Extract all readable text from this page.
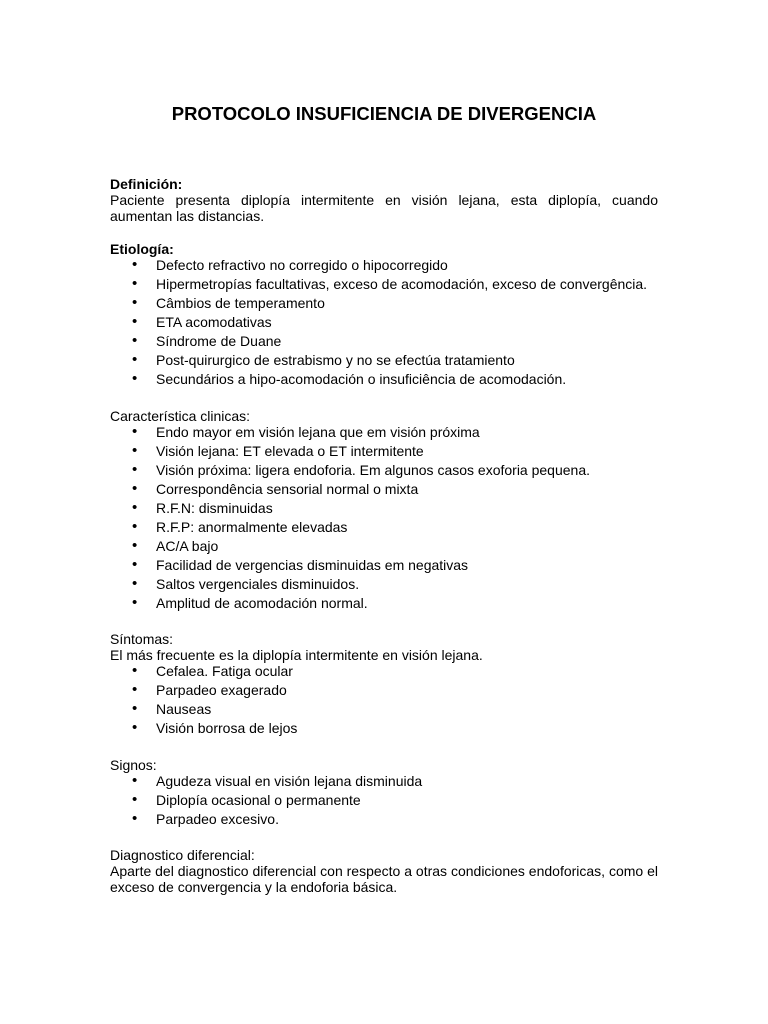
PROTOCOLO INSUFICIENCIA DE DIVERGENCIA

Definición:

Paciente presenta diplopía intermitente en visión lejana, esta diplopía, cuando aumentan las distancias.

Etiología:

• Defecto refractivo no corregido o hipocorregido
• Hipermetropías facultativas, exceso de acomodación, exceso de convergência.
• Câmbios de temperamento
• ETA acomodativas
• Síndrome de Duane
• Post-quirurgico de estrabismo y no se efectúa tratamiento
• Secundários a hipo-acomodación o insuficiência de acomodación.

Característica clinicas:

• Endo mayor em visión lejana que em visión próxima
• Visión lejana: ET elevada o ET intermitente
• Visión próxima: ligera endoforia. Em algunos casos exoforia pequena.
• Correspondência sensorial normal o mixta
• R.F.N: disminuidas
• R.F.P: anormalmente elevadas
• AC/A bajo
• Facilidad de vergencias disminuidas em negativas
• Saltos vergenciales disminuidos.
• Amplitud de acomodación normal.

Síntomas:

El más frecuente es la diplopía intermitente en visión lejana.

• Cefalea. Fatiga ocular
• Parpadeo exagerado
• Nauseas
• Visión borrosa de lejos

Signos:

• Agudeza visual en visión lejana disminuida
• Diplopía ocasional o permanente
• Parpadeo excesivo.

Diagnostico diferencial:

Aparte del diagnostico diferencial con respecto a otras condiciones endoforicas, como el exceso de convergencia y la endoforia básica.
